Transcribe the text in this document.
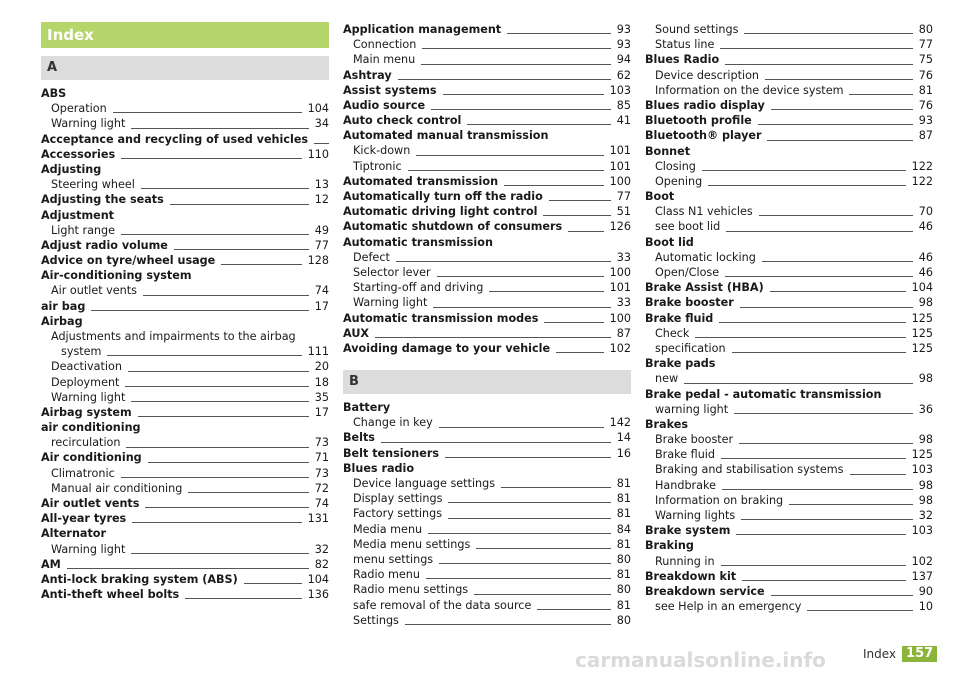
Index
A
ABS
Operation	104
Warning light	34
Acceptance and recycling of used vehicles
Accessories	110
Adjusting
Steering wheel	13
Adjusting the seats	12
Adjustment
Light range	49
Adjust radio volume	77
Advice on tyre/wheel usage	128
Air-conditioning system
Air outlet vents	74
air bag	17
Airbag
Adjustments and impairments to the airbag
system	111
Deactivation	20
Deployment	18
Warning light	35
Airbag system	17
air conditioning
recirculation	73
Air conditioning	71
Climatronic	73
Manual air conditioning	72
Air outlet vents	74
All-year tyres	131
Alternator
Warning light	32
AM	82
Anti-lock braking system (ABS)	104
Anti-theft wheel bolts	136
Application management	93
Connection	93
Main menu	94
Ashtray	62
Assist systems	103
Audio source	85
Auto check control	41
Automated manual transmission
Kick-down	101
Tiptronic	101
Automated transmission	100
Automatically turn off the radio	77
Automatic driving light control	51
Automatic shutdown of consumers	126
Automatic transmission
Defect	33
Selector lever	100
Starting-off and driving	101
Warning light	33
Automatic transmission modes	100
AUX	87
Avoiding damage to your vehicle	102
B
Battery
Change in key	142
Belts	14
Belt tensioners	16
Blues radio
Device language settings	81
Display settings	81
Factory settings	81
Media menu	84
Media menu settings	81
menu settings	80
Radio menu	81
Radio menu settings	80
safe removal of the data source	81
Settings	80
Sound settings	80
Status line	77
Blues Radio	75
Device description	76
Information on the device system	81
Blues radio display	76
Bluetooth profile	93
Bluetooth® player	87
Bonnet
Closing	122
Opening	122
Boot
Class N1 vehicles	70
see boot lid	46
Boot lid
Automatic locking	46
Open/Close	46
Brake Assist (HBA)	104
Brake booster	98
Brake fluid	125
Check	125
specification	125
Brake pads
new	98
Brake pedal - automatic transmission
warning light	36
Brakes
Brake booster	98
Brake fluid	125
Braking and stabilisation systems	103
Handbrake	98
Information on braking	98
Warning lights	32
Brake system	103
Braking
Running in	102
Breakdown kit	137
Breakdown service	90
see Help in an emergency	10
carmanualsonline.info	Index 157
